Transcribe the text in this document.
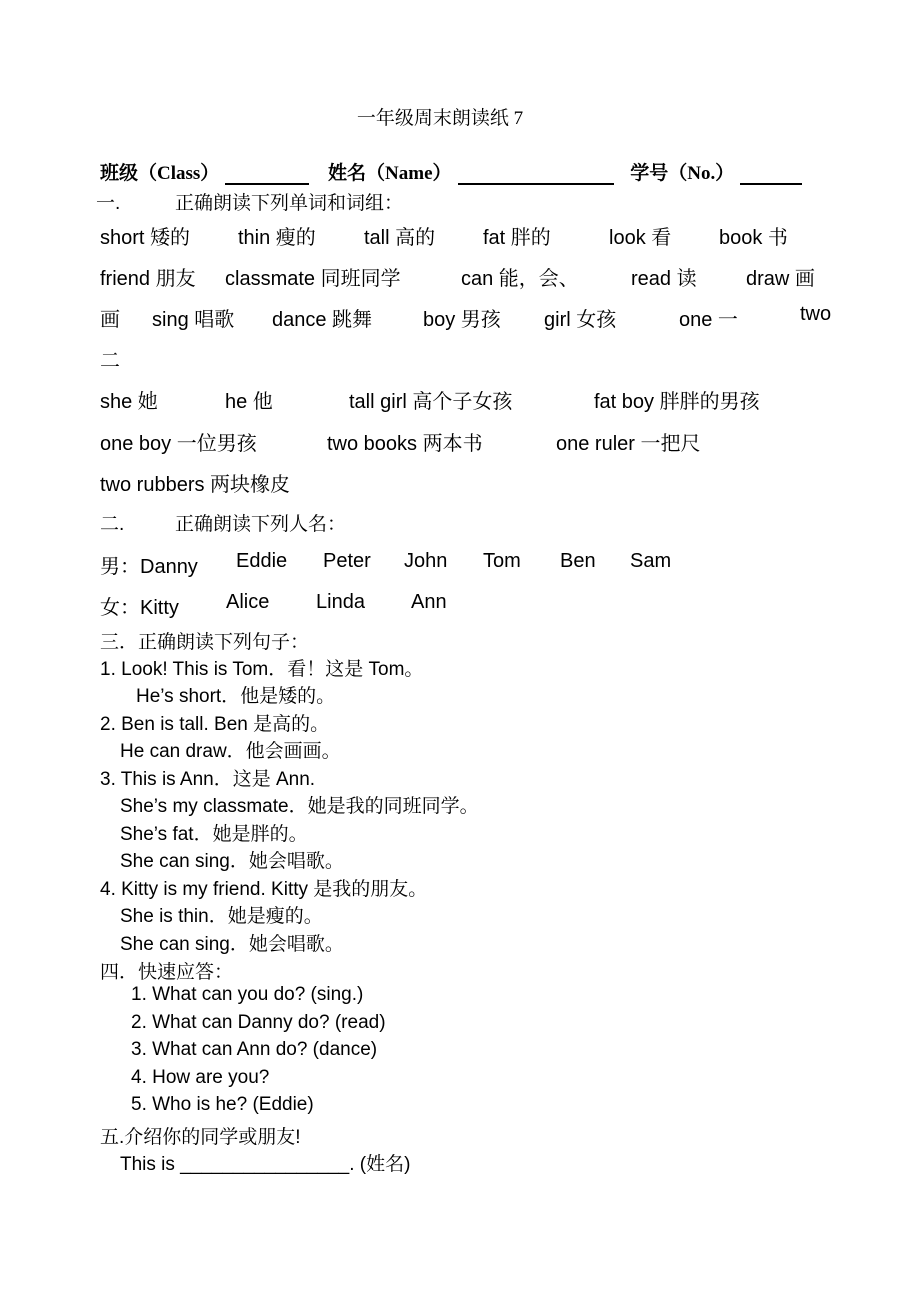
一年级周末朗读纸 7
班级（Class）	姓名（Name）	学号（No.）
一.	正确朗读下列单词和词组：
short 矮的 thin 瘦的 tall 高的 fat 胖的	look 看 book 书
friend 朋友 classmate 同班同学	can 能，会、	read 读 draw 画
画 sing 唱歌 dance 跳舞	boy 男孩 girl 女孩	one 一	two
二
she 她	he 他	tall girl 高个子女孩	fat boy 胖胖的男孩
one boy 一位男孩	two books 两本书	one ruler 一把尺
two rubbers 两块橡皮
二.	正确朗读下列人名：
男：Danny Eddie Peter John Tom Ben Sam
女：Kitty Alice Linda Ann
三．正确朗读下列句子：
1. Look! This is Tom．看！这是 Tom。
He’s short．他是矮的。
2. Ben is tall. Ben 是高的。
He can draw．他会画画。
3. This is Ann．这是 Ann.
She’s my classmate．她是我的同班同学。
She’s fat．她是胖的。
She can sing．她会唱歌。
4. Kitty is my friend. Kitty 是我的朋友。
She is thin．她是瘦的。
She can sing．她会唱歌。
四．快速应答：
1. What can you do? (sing.)
2. What can Danny do? (read)
3. What can Ann do? (dance)
4. How are you?
5. Who is he? (Eddie)
五.介绍你的同学或朋友!
This is ________________. (姓名)
